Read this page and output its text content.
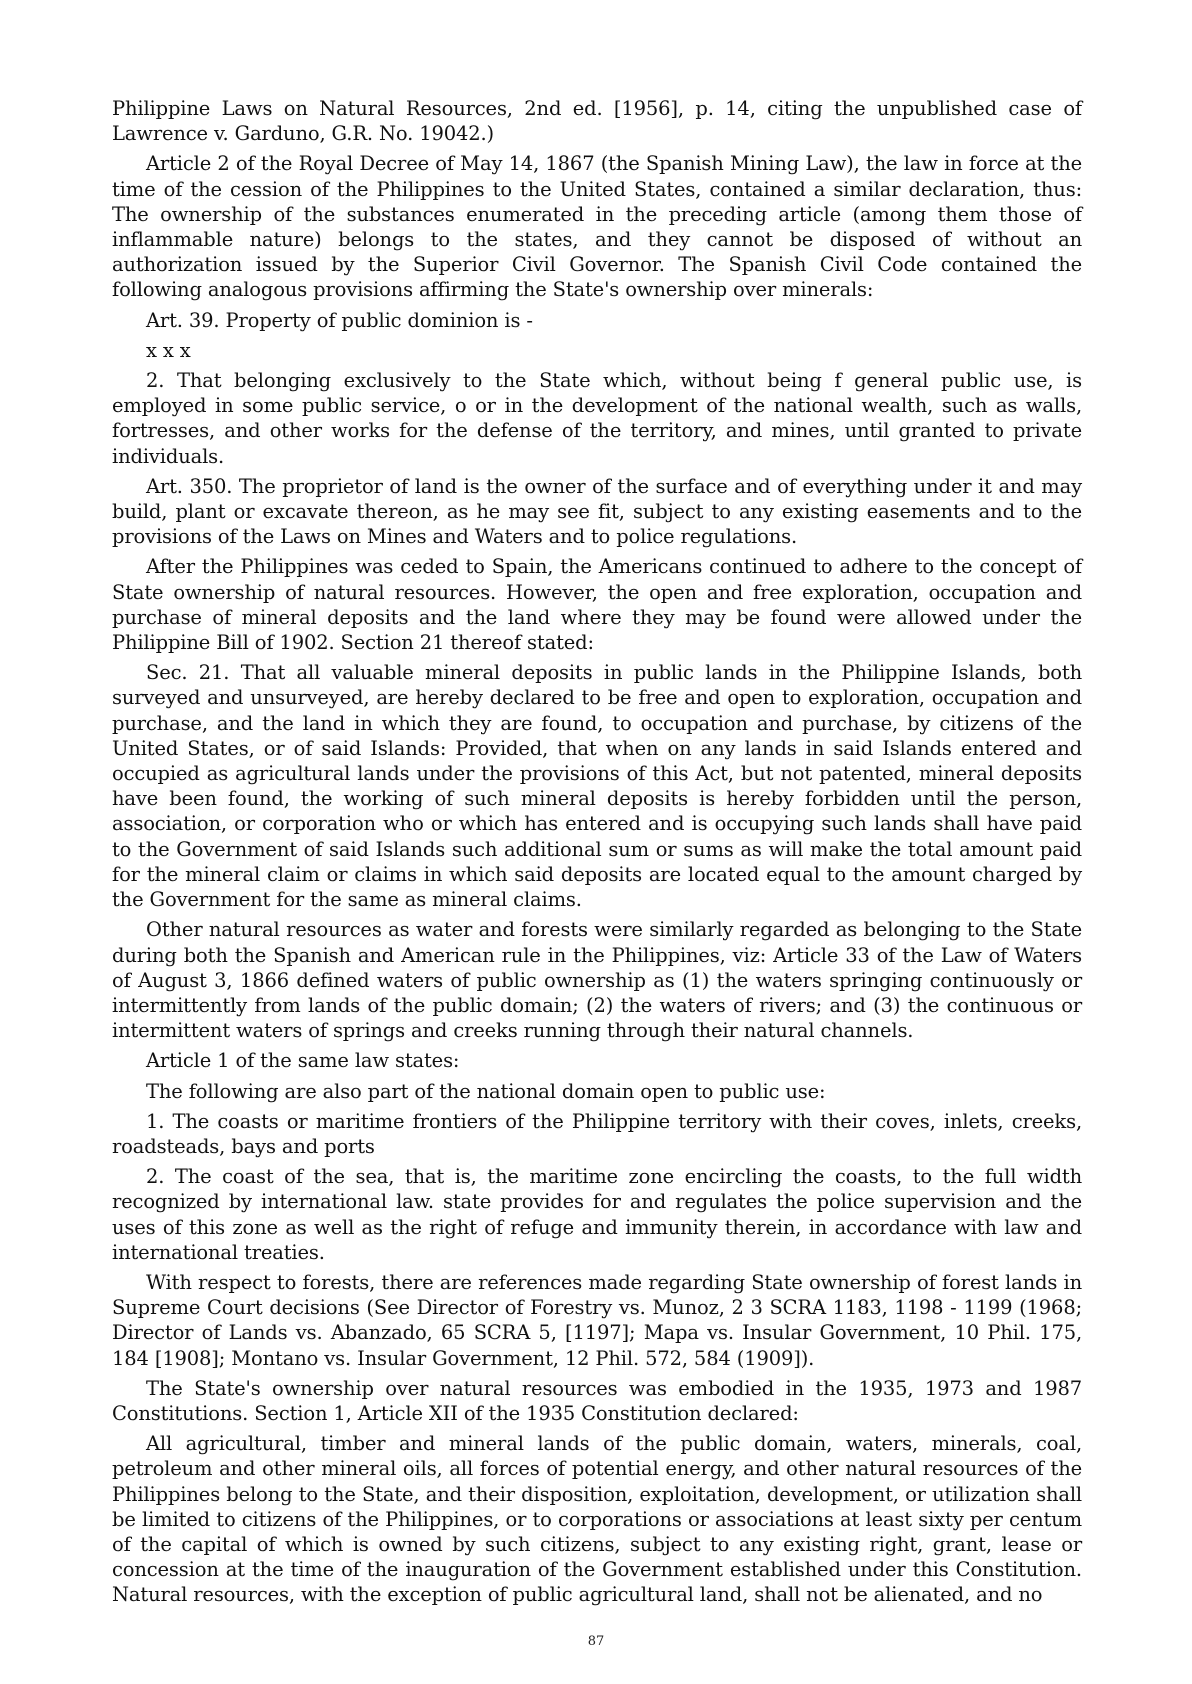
Philippine Laws on Natural Resources, 2nd ed. [1956], p. 14, citing the unpublished case of Lawrence v. Garduno, G.R. No. 19042.)

Article 2 of the Royal Decree of May 14, 1867 (the Spanish Mining Law), the law in force at the time of the cession of the Philippines to the United States, contained a similar declaration, thus: The ownership of the substances enumerated in the preceding article (among them those of inflammable nature) belongs to the states, and they cannot be disposed of without an authorization issued by the Superior Civil Governor. The Spanish Civil Code contained the following analogous provisions affirming the State's ownership over minerals:

Art. 39. Property of public dominion is -

x x x

2. That belonging exclusively to the State which, without being f general public use, is employed in some public service, o or in the development of the national wealth, such as walls, fortresses, and other works for the defense of the territory, and mines, until granted to private individuals.

Art. 350. The proprietor of land is the owner of the surface and of everything under it and may build, plant or excavate thereon, as he may see fit, subject to any existing easements and to the provisions of the Laws on Mines and Waters and to police regulations.

After the Philippines was ceded to Spain, the Americans continued to adhere to the concept of State ownership of natural resources. However, the open and free exploration, occupation and purchase of mineral deposits and the land where they may be found were allowed under the Philippine Bill of 1902. Section 21 thereof stated:

Sec. 21. That all valuable mineral deposits in public lands in the Philippine Islands, both surveyed and unsurveyed, are hereby declared to be free and open to exploration, occupation and purchase, and the land in which they are found, to occupation and purchase, by citizens of the United States, or of said Islands: Provided, that when on any lands in said Islands entered and occupied as agricultural lands under the provisions of this Act, but not patented, mineral deposits have been found, the working of such mineral deposits is hereby forbidden until the person, association, or corporation who or which has entered and is occupying such lands shall have paid to the Government of said Islands such additional sum or sums as will make the total amount paid for the mineral claim or claims in which said deposits are located equal to the amount charged by the Government for the same as mineral claims.

Other natural resources as water and forests were similarly regarded as belonging to the State during both the Spanish and American rule in the Philippines, viz: Article 33 of the Law of Waters of August 3, 1866 defined waters of public ownership as (1) the waters springing continuously or intermittently from lands of the public domain; (2) the waters of rivers; and (3) the continuous or intermittent waters of springs and creeks running through their natural channels.

Article 1 of the same law states:

The following are also part of the national domain open to public use:

1. The coasts or maritime frontiers of the Philippine territory with their coves, inlets, creeks, roadsteads, bays and ports

2. The coast of the sea, that is, the maritime zone encircling the coasts, to the full width recognized by international law. state provides for and regulates the police supervision and the uses of this zone as well as the right of refuge and immunity therein, in accordance with law and international treaties.

With respect to forests, there are references made regarding State ownership of forest lands in Supreme Court decisions (See Director of Forestry vs. Munoz, 2 3 SCRA 1183, 1198 - 1199 (1968; Director of Lands vs. Abanzado, 65 SCRA 5, [1197]; Mapa vs. Insular Government, 10 Phil. 175, 184 [1908]; Montano vs. Insular Government, 12 Phil. 572, 584 (1909]).

The State's ownership over natural resources was embodied in the 1935, 1973 and 1987 Constitutions. Section 1, Article XII of the 1935 Constitution declared:

All agricultural, timber and mineral lands of the public domain, waters, minerals, coal, petroleum and other mineral oils, all forces of potential energy, and other natural resources of the Philippines belong to the State, and their disposition, exploitation, development, or utilization shall be limited to citizens of the Philippines, or to corporations or associations at least sixty per centum of the capital of which is owned by such citizens, subject to any existing right, grant, lease or concession at the time of the inauguration of the Government established under this Constitution. Natural resources, with the exception of public agricultural land, shall not be alienated, and no

87
